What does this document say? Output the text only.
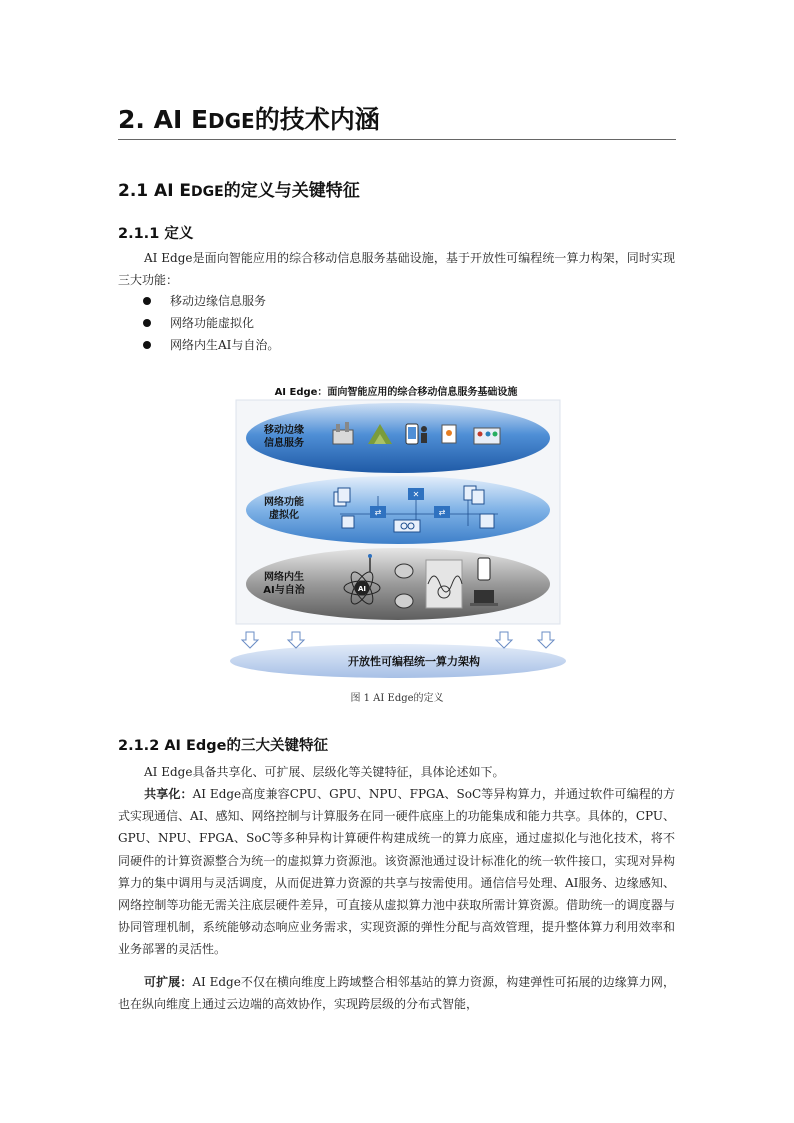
2. AI EDGE的技术内涵
2.1 AI EDGE的定义与关键特征
2.1.1 定义

AI Edge是面向智能应用的综合移动信息服务基础设施，基于开放性可编程统一算力构架，同时实现三大功能：

移动边缘信息服务
网络功能虚拟化
网络内生AI与自治。
AI Edge：面向智能应用的综合移动信息服务基础设施
移动边缘
信息服务
网络功能
虚拟化	⇄
✕
⇄
网络内生
AI与自治	AI
开放性可编程统一算力架构
图 1 AI Edge的定义
2.1.2 AI Edge的三大关键特征

AI Edge具备共享化、可扩展、层级化等关键特征，具体论述如下。

共享化：AI Edge高度兼容CPU、GPU、NPU、FPGA、SoC等异构算力，并通过软件可编程的方式实现通信、AI、感知、网络控制与计算服务在同一硬件底座上的功能集成和能力共享。具体的，CPU、GPU、NPU、FPGA、SoC等多种异构计算硬件构建成统一的算力底座，通过虚拟化与池化技术，将不同硬件的计算资源整合为统一的虚拟算力资源池。该资源池通过设计标准化的统一软件接口，实现对异构算力的集中调用与灵活调度，从而促进算力资源的共享与按需使用。通信信号处理、AI服务、边缘感知、网络控制等功能无需关注底层硬件差异，可直接从虚拟算力池中获取所需计算资源。借助统一的调度器与协同管理机制，系统能够动态响应业务需求，实现资源的弹性分配与高效管理，提升整体算力利用效率和业务部署的灵活性。

可扩展：AI Edge不仅在横向维度上跨域整合相邻基站的算力资源，构建弹性可拓展的边缘算力网，也在纵向维度上通过云边端的高效协作，实现跨层级的分布式智能，
